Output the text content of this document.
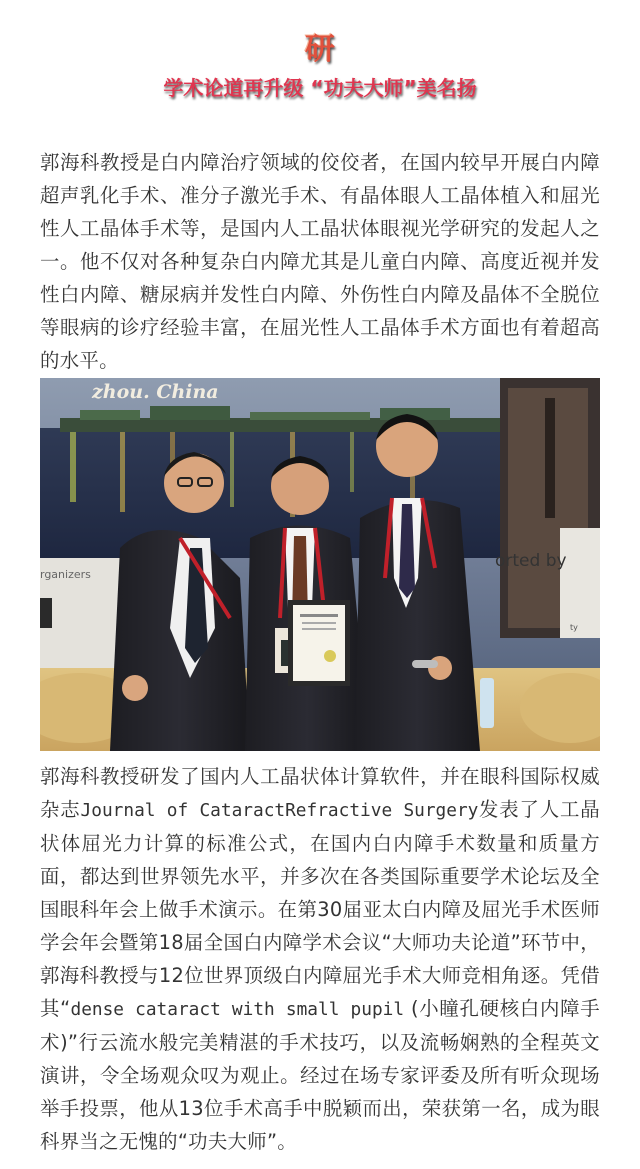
研
学术论道再升级 “功夫大师”美名扬

郭海科教授是白内障治疗领域的佼佼者，在国内较早开展白内障超声乳化手术、准分子激光手术、有晶体眼人工晶体植入和屈光性人工晶体手术等，是国内人工晶状体眼视光学研究的发起人之一。他不仅对各种复杂白内障尤其是儿童白内障、高度近视并发性白内障、糖尿病并发性白内障、外伤性白内障及晶体不全脱位等眼病的诊疗经验丰富，在屈光性人工晶体手术方面也有着超高的水平。

zhou. China
orted by
ty
rganizers

郭海科教授研发了国内人工晶状体计算软件，并在眼科国际权威杂志Journal of CataractRefractive Surgery发表了人工晶状体屈光力计算的标准公式，在国内白内障手术数量和质量方面，都达到世界领先水平，并多次在各类国际重要学术论坛及全国眼科年会上做手术演示。在第30届亚太白内障及屈光手术医师学会年会暨第18届全国白内障学术会议“大师功夫论道”环节中，郭海科教授与12位世界顶级白内障屈光手术大师竞相角逐。凭借其“dense cataract with small pupil (小瞳孔硬核白内障手术)”行云流水般完美精湛的手术技巧，以及流畅娴熟的全程英文演讲，令全场观众叹为观止。经过在场专家评委及所有听众现场举手投票，他从13位手术高手中脱颖而出，荣获第一名，成为眼科界当之无愧的“功夫大师”。
